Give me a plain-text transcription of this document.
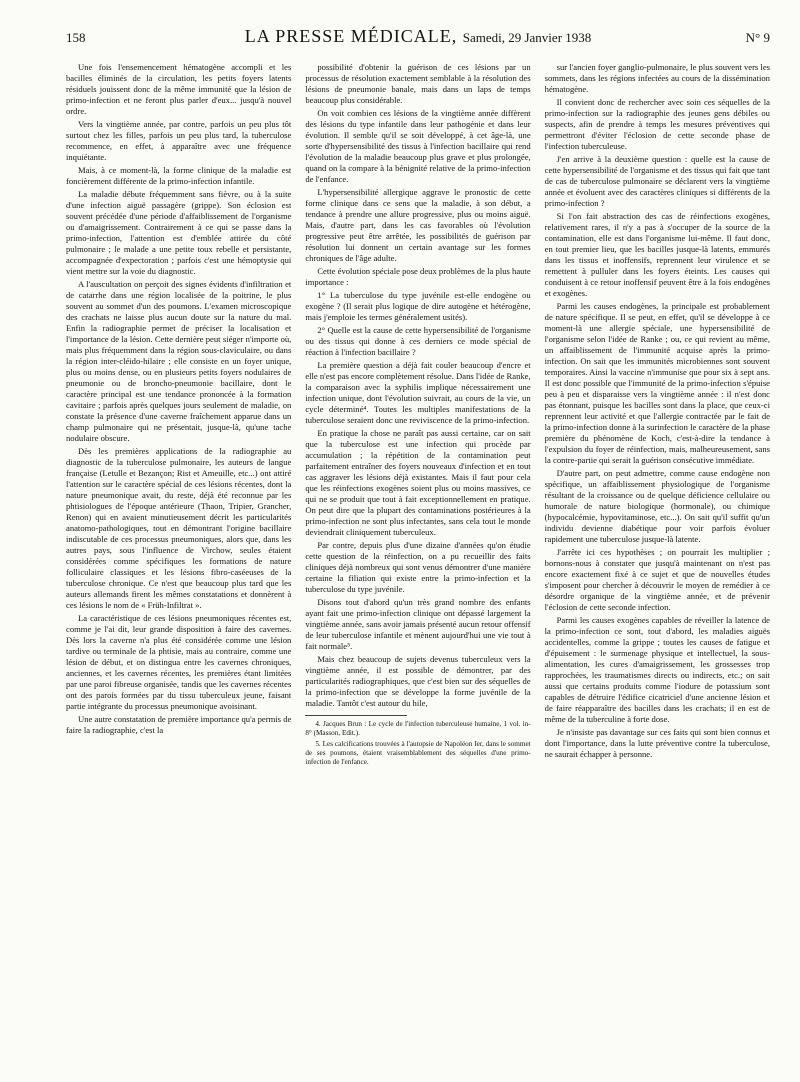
158	LA PRESSE MÉDICALE, Samedi, 29 Janvier 1938	N° 9

Une fois l'ensemencement hématogène accompli et les bacilles éliminés de la circulation, les petits foyers latents résiduels jouissent donc de la même immunité que la lésion de primo-infection et ne feront plus parler d'eux... jusqu'à nouvel ordre.

Vers la vingtième année, par contre, parfois un peu plus tôt surtout chez les filles, parfois un peu plus tard, la tuberculose recommence, en effet, à apparaître avec une fréquence inquiétante.

Mais, à ce moment-là, la forme clinique de la maladie est foncièrement différente de la primo-infection infantile.

La maladie débute fréquemment sans fièvre, ou à la suite d'une infection aiguë passagère (grippe). Son éclosion est souvent précédée d'une période d'affaiblissement de l'organisme ou d'amaigrissement. Contrairement à ce qui se passe dans la primo-infection, l'attention est d'emblée attirée du côté pulmonaire ; le malade a une petite toux rebelle et persistante, accompagnée d'expectoration ; parfois c'est une hémoptysie qui vient mettre sur la voie du diagnostic.

A l'auscultation on perçoit des signes évidents d'infiltration et de catarrhe dans une région localisée de la poitrine, le plus souvent au sommet d'un des poumons. L'examen microscopique des crachats ne laisse plus aucun doute sur la nature du mal. Enfin la radiographie permet de préciser la localisation et l'importance de la lésion. Cette dernière peut siéger n'importe où, mais plus fréquemment dans la région sous-claviculaire, ou dans la région inter-cléido-hilaire ; elle consiste en un foyer unique, plus ou moins dense, ou en plusieurs petits foyers nodulaires de pneumonie ou de broncho-pneumonie bacillaire, dont le caractère principal est une tendance prononcée à la formation cavitaire ; parfois après quelques jours seulement de maladie, on constate la présence d'une caverne fraîchement apparue dans un champ pulmonaire qui ne présentait, jusque-là, qu'une tache nodulaire obscure.

Dès les premières applications de la radiographie au diagnostic de la tuberculose pulmonaire, les auteurs de langue française (Letulle et Bezançon; Rist et Ameuille, etc...) ont attiré l'attention sur le caractère spécial de ces lésions récentes, dont la nature pneumonique avait, du reste, déjà été reconnue par les phtisiologues de l'époque antérieure (Thaon, Tripier, Grancher, Renon) qui en avaient minutieusement décrit les particularités anatomo-pathologiques, tout en démontrant l'origine bacillaire indiscutable de ces processus pneumoniques, alors que, dans les autres pays, sous l'influence de Virchow, seules étaient considérées comme spécifiques les formations de nature folliculaire classiques et les lésions fibro-caséeuses de la tuberculose chronique. Ce n'est que beaucoup plus tard que les auteurs allemands firent les mêmes constatations et donnèrent à ces lésions le nom de « Früh-Infiltrat ».

La caractéristique de ces lésions pneumoniques récentes est, comme je l'ai dit, leur grande disposition à faire des cavernes. Dès lors la caverne n'a plus été considérée comme une lésion tardive ou terminale de la phtisie, mais au contraire, comme une lésion de début, et on distingua entre les cavernes chroniques, anciennes, et les cavernes récentes, les premières étant limitées par une paroi fibreuse organisée, tandis que les cavernes récentes ont des parois formées par du tissu tuberculeux jeune, faisant partie intégrante du processus pneumonique avoisinant.

Une autre constatation de première importance qu'a permis de faire la radiographie, c'est la

possibilité d'obtenir la guérison de ces lésions par un processus de résolution exactement semblable à la résolution des lésions de pneumonie banale, mais dans un laps de temps beaucoup plus considérable.

On voit combien ces lésions de la vingtième année diffèrent des lésions du type infantile dans leur pathogénie et dans leur évolution. Il semble qu'il se soit développé, à cet âge-là, une sorte d'hypersensibilité des tissus à l'infection bacillaire qui rend l'évolution de la maladie beaucoup plus grave et plus prolongée, quand on la compare à la bénignité relative de la primo-infection de l'enfance.

L'hypersensibilité allergique aggrave le pronostic de cette forme clinique dans ce sens que la maladie, à son début, a tendance à prendre une allure progressive, plus ou moins aiguë. Mais, d'autre part, dans les cas favorables où l'évolution progressive peut être arrêtée, les possibilités de guérison par résolution lui donnent un certain avantage sur les formes chroniques de l'âge adulte.

Cette évolution spéciale pose deux problèmes de la plus haute importance :

1° La tuberculose du type juvénile est-elle endogène ou exogène ? (Il serait plus logique de dire autogène et hétérogène, mais j'emploie les termes généralement usités).

2° Quelle est la cause de cette hypersensibilité de l'organisme ou des tissus qui donne à ces derniers ce mode spécial de réaction à l'infection bacillaire ?

La première question a déjà fait couler beaucoup d'encre et elle n'est pas encore complètement résolue. Dans l'idée de Ranke, la comparaison avec la syphilis implique nécessairement une infection unique, dont l'évolution suivrait, au cours de la vie, un cycle déterminé⁴. Toutes les multiples manifestations de la tuberculose seraient donc une reviviscence de la primo-infection.

En pratique la chose ne paraît pas aussi certaine, car on sait que la tuberculose est une infection qui procède par accumulation ; la répétition de la contamination peut parfaitement entraîner des foyers nouveaux d'infection et en tout cas aggraver les lésions déjà existantes. Mais il faut pour cela que les réinfections exogènes soient plus ou moins massives, ce qui ne se produit que tout à fait exceptionnellement en pratique. On peut dire que la plupart des contaminations postérieures à la primo-infection ne sont plus infectantes, sans cela tout le monde deviendrait cliniquement tuberculeux.

Par contre, depuis plus d'une dizaine d'années qu'on étudie cette question de la réinfection, on a pu recueillir des faits cliniques déjà nombreux qui sont venus démontrer d'une manière certaine la filiation qui existe entre la primo-infection et la tuberculose du type juvénile.

Disons tout d'abord qu'un très grand nombre des enfants ayant fait une primo-infection clinique ont dépassé largement la vingtième année, sans avoir jamais présenté aucun retour offensif de leur tuberculose infantile et mènent aujourd'hui une vie tout à fait normale⁵.

Mais chez beaucoup de sujets devenus tuberculeux vers la vingtième année, il est possible de démontrer, par des particularités radiographiques, que c'est bien sur des séquelles de la primo-infection que se développe la forme juvénile de la maladie. Tantôt c'est autour du hile,

4. Jacques Brun : Le cycle de l'infection tuberculeuse humaine, 1 vol. in-8° (Masson, Edit.).

5. Les calcifications trouvées à l'autopsie de Napoléon Ier, dans le sommet de ses poumons, étaient vraisemblablement des séquelles d'une primo-infection de l'enfance.

sur l'ancien foyer ganglio-pulmonaire, le plus souvent vers les sommets, dans les régions infectées au cours de la dissémination hématogène.

Il convient donc de rechercher avec soin ces séquelles de la primo-infection sur la radiographie des jeunes gens débiles ou suspects, afin de prendre à temps les mesures préventives qui permettront d'éviter l'éclosion de cette seconde phase de l'infection tuberculeuse.

J'en arrive à la deuxième question : quelle est la cause de cette hypersensibilité de l'organisme et des tissus qui fait que tant de cas de tuberculose pulmonaire se déclarent vers la vingtième année et évoluent avec des caractères cliniques si différents de la primo-infection ?

Si l'on fait abstraction des cas de réinfections exogènes, relativement rares, il n'y a pas à s'occuper de la source de la contamination, elle est dans l'organisme lui-même. Il faut donc, en tout premier lieu, que les bacilles jusque-là latents, emmurés dans les tissus et inoffensifs, reprennent leur virulence et se remettent à pulluler dans les foyers éteints. Les causes qui conduisent à ce retour inoffensif peuvent être à la fois endogènes et exogènes.

Parmi les causes endogènes, la principale est probablement de nature spécifique. Il se peut, en effet, qu'il se développe à ce moment-là une allergie spéciale, une hypersensibilité de l'organisme selon l'idée de Ranke ; ou, ce qui revient au même, un affaiblissement de l'immunité acquise après la primo-infection. On sait que les immunités microbiennes sont souvent temporaires. Ainsi la vaccine n'immunise que pour six à sept ans. Il est donc possible que l'immunité de la primo-infection s'épuise peu à peu et disparaisse vers la vingtième année : il n'est donc pas étonnant, puisque les bacilles sont dans la place, que ceux-ci reprennent leur activité et que l'allergie contractée par le fait de la primo-infection donne à la surinfection le caractère de la phase première du phénomène de Koch, c'est-à-dire la tendance à l'expulsion du foyer de réinfection, mais, malheureusement, sans la contre-partie qui serait la guérison consécutive immédiate.

D'autre part, on peut admettre, comme cause endogène non spécifique, un affaiblissement physiologique de l'organisme résultant de la croissance ou de quelque déficience cellulaire ou humorale de nature biologique (hormonale), ou chimique (hypocalcémie, hypovitaminose, etc...). On sait qu'il suffit qu'un individu devienne diabétique pour voir parfois évoluer rapidement une tuberculose jusque-là latente.

J'arrête ici ces hypothèses ; on pourrait les multiplier ; bornons-nous à constater que jusqu'à maintenant on n'est pas encore exactement fixé à ce sujet et que de nouvelles études s'imposent pour chercher à découvrir le moyen de remédier à ce désordre organique de la vingtième année, et de prévenir l'éclosion de cette seconde infection.

Parmi les causes exogènes capables de réveiller la latence de la primo-infection ce sont, tout d'abord, les maladies aiguës accidentelles, comme la grippe ; toutes les causes de fatigue et d'épuisement : le surmenage physique et intellectuel, la sous-alimentation, les cures d'amaigrissement, les grossesses trop rapprochées, les traumatismes directs ou indirects, etc.; on sait aussi que certains produits comme l'iodure de potassium sont capables de détruire l'édifice cicatriciel d'une ancienne lésion et de faire réapparaître des bacilles dans les crachats; il en est de même de la tuberculine à forte dose.

Je n'insiste pas davantage sur ces faits qui sont bien connus et dont l'importance, dans la lutte préventive contre la tuberculose, ne saurait échapper à personne.
